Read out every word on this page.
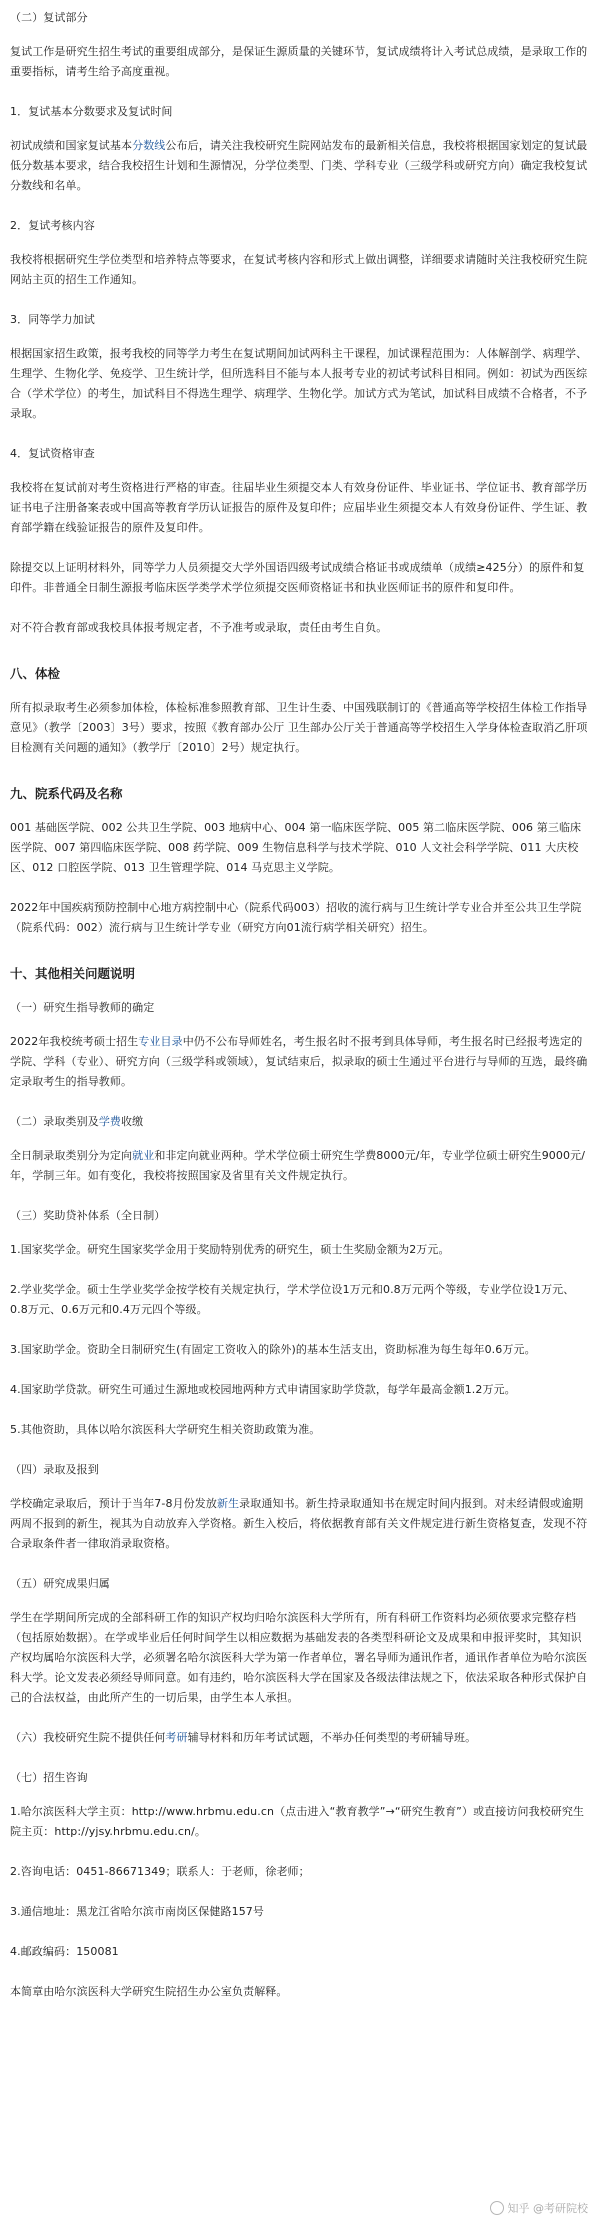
（二）复试部分

复试工作是研究生招生考试的重要组成部分，是保证生源质量的关键环节，复试成绩将计入考试总成绩，是录取工作的重要指标，请考生给予高度重视。

1．复试基本分数要求及复试时间

初试成绩和国家复试基本分数线公布后，请关注我校研究生院网站发布的最新相关信息，我校将根据国家划定的复试最低分数基本要求，结合我校招生计划和生源情况，分学位类型、门类、学科专业（三级学科或研究方向）确定我校复试分数线和名单。

2．复试考核内容

我校将根据研究生学位类型和培养特点等要求，在复试考核内容和形式上做出调整，详细要求请随时关注我校研究生院网站主页的招生工作通知。

3．同等学力加试

根据国家招生政策，报考我校的同等学力考生在复试期间加试两科主干课程，加试课程范围为：人体解剖学、病理学、生理学、生物化学、免疫学、卫生统计学，但所选科目不能与本人报考专业的初试考试科目相同。例如：初试为西医综合（学术学位）的考生，加试科目不得选生理学、病理学、生物化学。加试方式为笔试，加试科目成绩不合格者，不予录取。

4．复试资格审查

我校将在复试前对考生资格进行严格的审查。往届毕业生须提交本人有效身份证件、毕业证书、学位证书、教育部学历证书电子注册备案表或中国高等教育学历认证报告的原件及复印件；应届毕业生须提交本人有效身份证件、学生证、教育部学籍在线验证报告的原件及复印件。

除提交以上证明材料外，同等学力人员须提交大学外国语四级考试成绩合格证书或成绩单（成绩≥425分）的原件和复印件。非普通全日制生源报考临床医学类学术学位须提交医师资格证书和执业医师证书的原件和复印件。

对不符合教育部或我校具体报考规定者，不予准考或录取，责任由考生自负。

八、体检

所有拟录取考生必须参加体检，体检标准参照教育部、卫生计生委、中国残联制订的《普通高等学校招生体检工作指导意见》（教学〔2003〕3号）要求，按照《教育部办公厅 卫生部办公厅关于普通高等学校招生入学身体检查取消乙肝项目检测有关问题的通知》（教学厅〔2010〕2号）规定执行。

九、院系代码及名称

001 基础医学院、002 公共卫生学院、003 地病中心、004 第一临床医学院、005 第二临床医学院、006 第三临床医学院、007 第四临床医学院、008 药学院、009 生物信息科学与技术学院、010 人文社会科学学院、011 大庆校区、012 口腔医学院、013 卫生管理学院、014 马克思主义学院。

2022年中国疾病预防控制中心地方病控制中心（院系代码003）招收的流行病与卫生统计学专业合并至公共卫生学院（院系代码：002）流行病与卫生统计学专业（研究方向01流行病学相关研究）招生。

十、其他相关问题说明

（一）研究生指导教师的确定

2022年我校统考硕士招生专业目录中仍不公布导师姓名，考生报名时不报考到具体导师，考生报名时已经报考选定的学院、学科（专业）、研究方向（三级学科或领域），复试结束后，拟录取的硕士生通过平台进行与导师的互选，最终确定录取考生的指导教师。

（二）录取类别及学费收缴

全日制录取类别分为定向就业和非定向就业两种。学术学位硕士研究生学费8000元/年，专业学位硕士研究生9000元/年，学制三年。如有变化，我校将按照国家及省里有关文件规定执行。

（三）奖助贷补体系（全日制）

1.国家奖学金。研究生国家奖学金用于奖励特别优秀的研究生，硕士生奖励金额为2万元。

2.学业奖学金。硕士生学业奖学金按学校有关规定执行，学术学位设1万元和0.8万元两个等级，专业学位设1万元、0.8万元、0.6万元和0.4万元四个等级。

3.国家助学金。资助全日制研究生(有固定工资收入的除外)的基本生活支出，资助标准为每生每年0.6万元。

4.国家助学贷款。研究生可通过生源地或校园地两种方式申请国家助学贷款，每学年最高金额1.2万元。

5.其他资助，具体以哈尔滨医科大学研究生相关资助政策为准。

（四）录取及报到

学校确定录取后，预计于当年7-8月份发放新生录取通知书。新生持录取通知书在规定时间内报到。对未经请假或逾期两周不报到的新生，视其为自动放弃入学资格。新生入校后，将依据教育部有关文件规定进行新生资格复查，发现不符合录取条件者一律取消录取资格。

（五）研究成果归属

学生在学期间所完成的全部科研工作的知识产权均归哈尔滨医科大学所有，所有科研工作资料均必须依要求完整存档（包括原始数据）。在学或毕业后任何时间学生以相应数据为基础发表的各类型科研论文及成果和申报评奖时，其知识产权均属哈尔滨医科大学，必须署名哈尔滨医科大学为第一作者单位，署名导师为通讯作者，通讯作者单位为哈尔滨医科大学。论文发表必须经导师同意。如有违约，哈尔滨医科大学在国家及各级法律法规之下，依法采取各种形式保护自己的合法权益，由此所产生的一切后果，由学生本人承担。

（六）我校研究生院不提供任何考研辅导材料和历年考试试题，不举办任何类型的考研辅导班。

（七）招生咨询

1.哈尔滨医科大学主页：http://www.hrbmu.edu.cn（点击进入“教育教学”→“研究生教育”）或直接访问我校研究生院主页：http://yjsy.hrbmu.edu.cn/。

2.咨询电话：0451-86671349；联系人：于老师，徐老师；

3.通信地址：黑龙江省哈尔滨市南岗区保健路157号

4.邮政编码：150081

本简章由哈尔滨医科大学研究生院招生办公室负责解释。

知乎 @考研院校
